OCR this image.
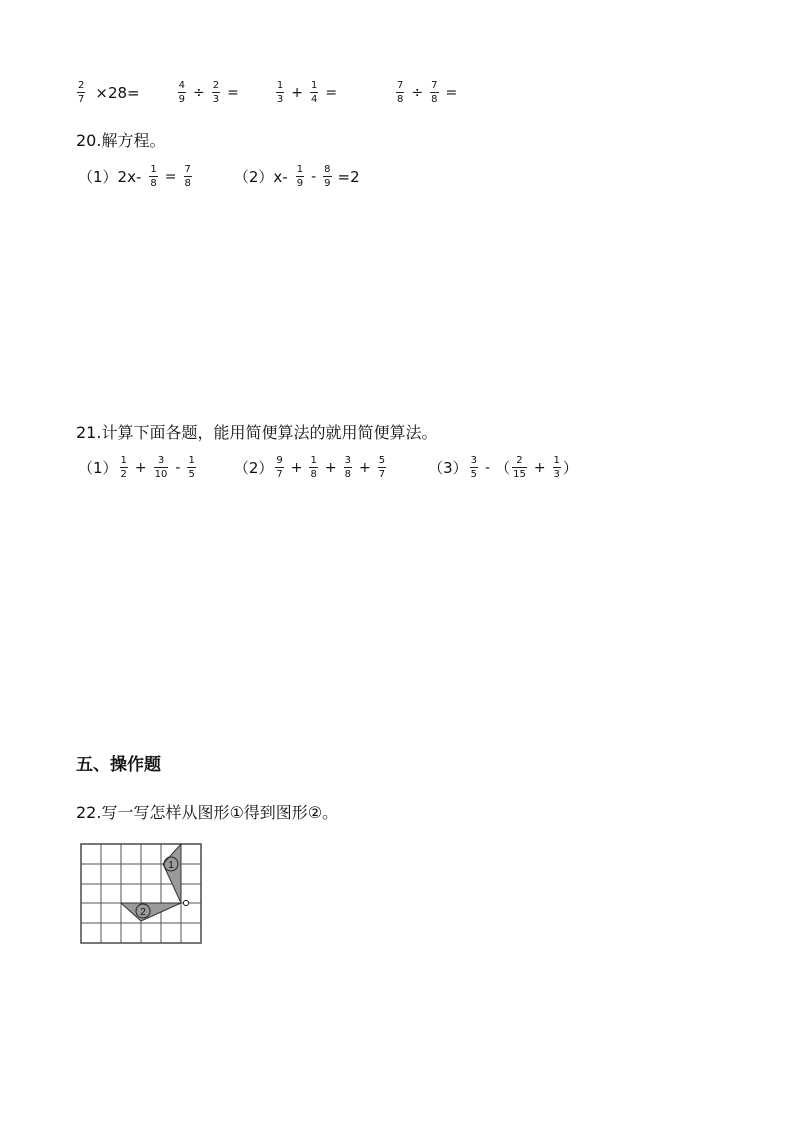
$\frac{2}{7} \times 28=$	$\frac{4}{9} \div \frac{2}{3}$ =	$\frac{1}{3} + \frac{1}{4}$ =	$\frac{7}{8} \div \frac{7}{8}$ =
20.解方程。
（1） $2x- \frac{1}{8} = \frac{7}{8}$	（2） $x- \frac{1}{9} - \frac{8}{9} =2$
21.计算下面各题，能用简便算法的就用简便算法。
$(1) \frac{1}{2} + \frac{3}{10} - \frac{1}{5}$	$(2) \frac{9}{7} + \frac{1}{8} + \frac{3}{8} + \frac{5}{7}$	$(3) \frac{3}{5}$ - （ $\frac{2}{15} + \frac{1}{3}$ ）
五、操作题
22.写一写怎样从图形①得到图形②。
1
2
